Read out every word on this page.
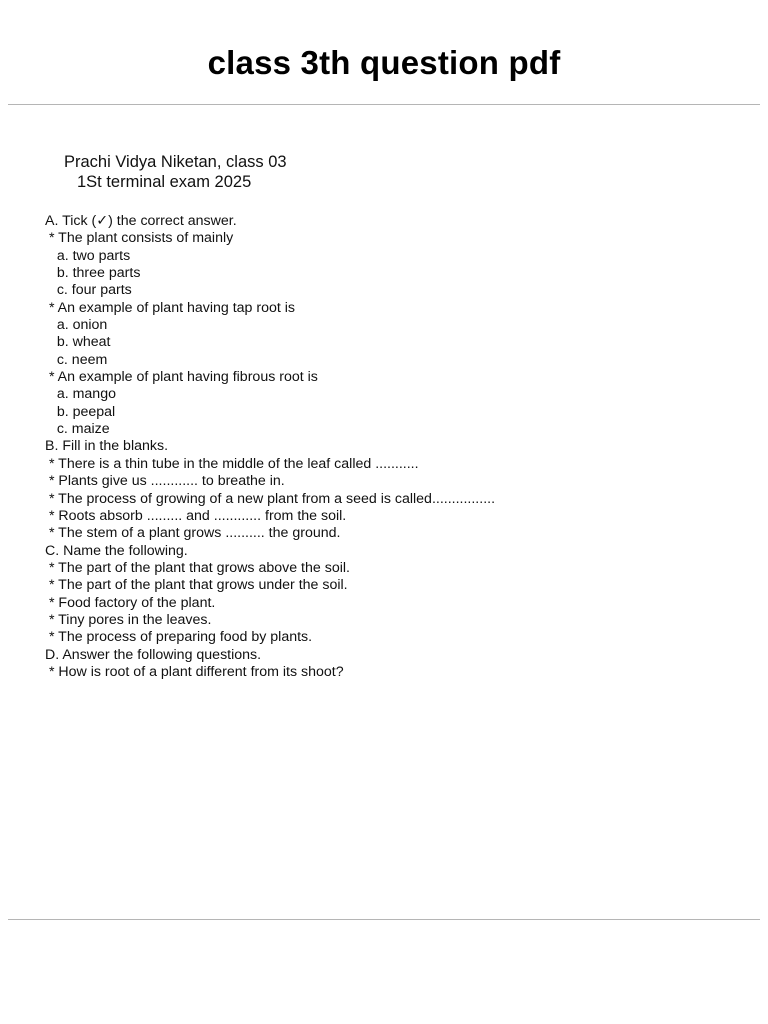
class 3th question pdf
Prachi Vidya Niketan, class 03
1St terminal exam 2025
A. Tick (✓) the correct answer.
* The plant consists of mainly
a. two parts
b. three parts
c. four parts
* An example of plant having tap root is
a. onion
b. wheat
c. neem
* An example of plant having fibrous root is
a. mango
b. peepal
c. maize
B. Fill in the blanks.
* There is a thin tube in the middle of the leaf called ...........
* Plants give us ............ to breathe in.
* The process of growing of a new plant from a seed is called................
* Roots absorb ......... and ............ from the soil.
* The stem of a plant grows .......... the ground.
C. Name the following.
* The part of the plant that grows above the soil.
* The part of the plant that grows under the soil.
* Food factory of the plant.
* Tiny pores in the leaves.
* The process of preparing food by plants.
D. Answer the following questions.
* How is root of a plant different from its shoot?
